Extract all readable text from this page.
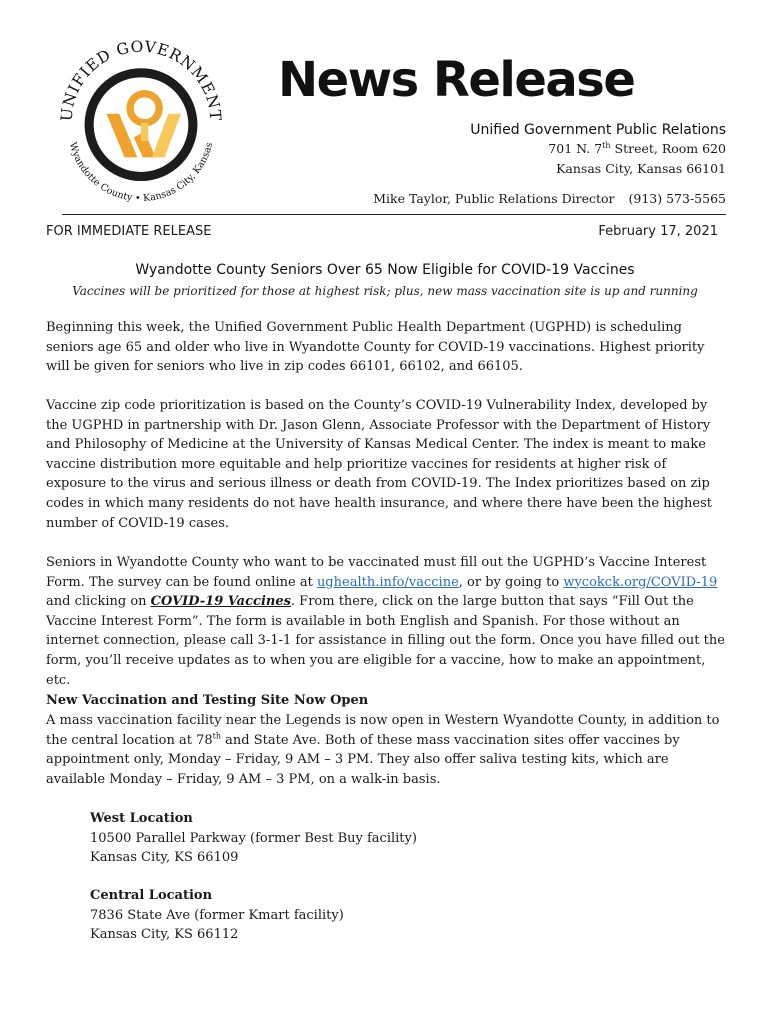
UNIFIED GOVERNMENT
Wyandotte County • Kansas City, Kansas
News Release
Unified Government Public Relations
701 N. 7th Street, Room 620
Kansas City, Kansas 66101
Mike Taylor, Public Relations Director (913) 573-5565
FOR IMMEDIATE RELEASE	February 17, 2021
Wyandotte County Seniors Over 65 Now Eligible for COVID-19 Vaccines
Vaccines will be prioritized for those at highest risk; plus, new mass vaccination site is up and running

Beginning this week, the Unified Government Public Health Department (UGPHD) is scheduling seniors age 65 and older who live in Wyandotte County for COVID-19 vaccinations. Highest priority will be given for seniors who live in zip codes 66101, 66102, and 66105.

Vaccine zip code prioritization is based on the County’s COVID-19 Vulnerability Index, developed by the UGPHD in partnership with Dr. Jason Glenn, Associate Professor with the Department of History and Philosophy of Medicine at the University of Kansas Medical Center. The index is meant to make vaccine distribution more equitable and help prioritize vaccines for residents at higher risk of exposure to the virus and serious illness or death from COVID-19. The Index prioritizes based on zip codes in which many residents do not have health insurance, and where there have been the highest number of COVID-19 cases.

Seniors in Wyandotte County who want to be vaccinated must fill out the UGPHD’s Vaccine Interest Form. The survey can be found online at ughealth.info/vaccine, or by going to wycokck.org/COVID-19 and clicking on COVID-19 Vaccines. From there, click on the large button that says “Fill Out the Vaccine Interest Form”. The form is available in both English and Spanish. For those without an internet connection, please call 3-1-1 for assistance in filling out the form. Once you have filled out the form, you’ll receive updates as to when you are eligible for a vaccine, how to make an appointment, etc.

New Vaccination and Testing Site Now Open

A mass vaccination facility near the Legends is now open in Western Wyandotte County, in addition to the central location at 78th and State Ave. Both of these mass vaccination sites offer vaccines by appointment only, Monday – Friday, 9 AM – 3 PM. They also offer saliva testing kits, which are available Monday – Friday, 9 AM – 3 PM, on a walk-in basis.

West Location
10500 Parallel Parkway (former Best Buy facility)
Kansas City, KS 66109
Central Location
7836 State Ave (former Kmart facility)
Kansas City, KS 66112
